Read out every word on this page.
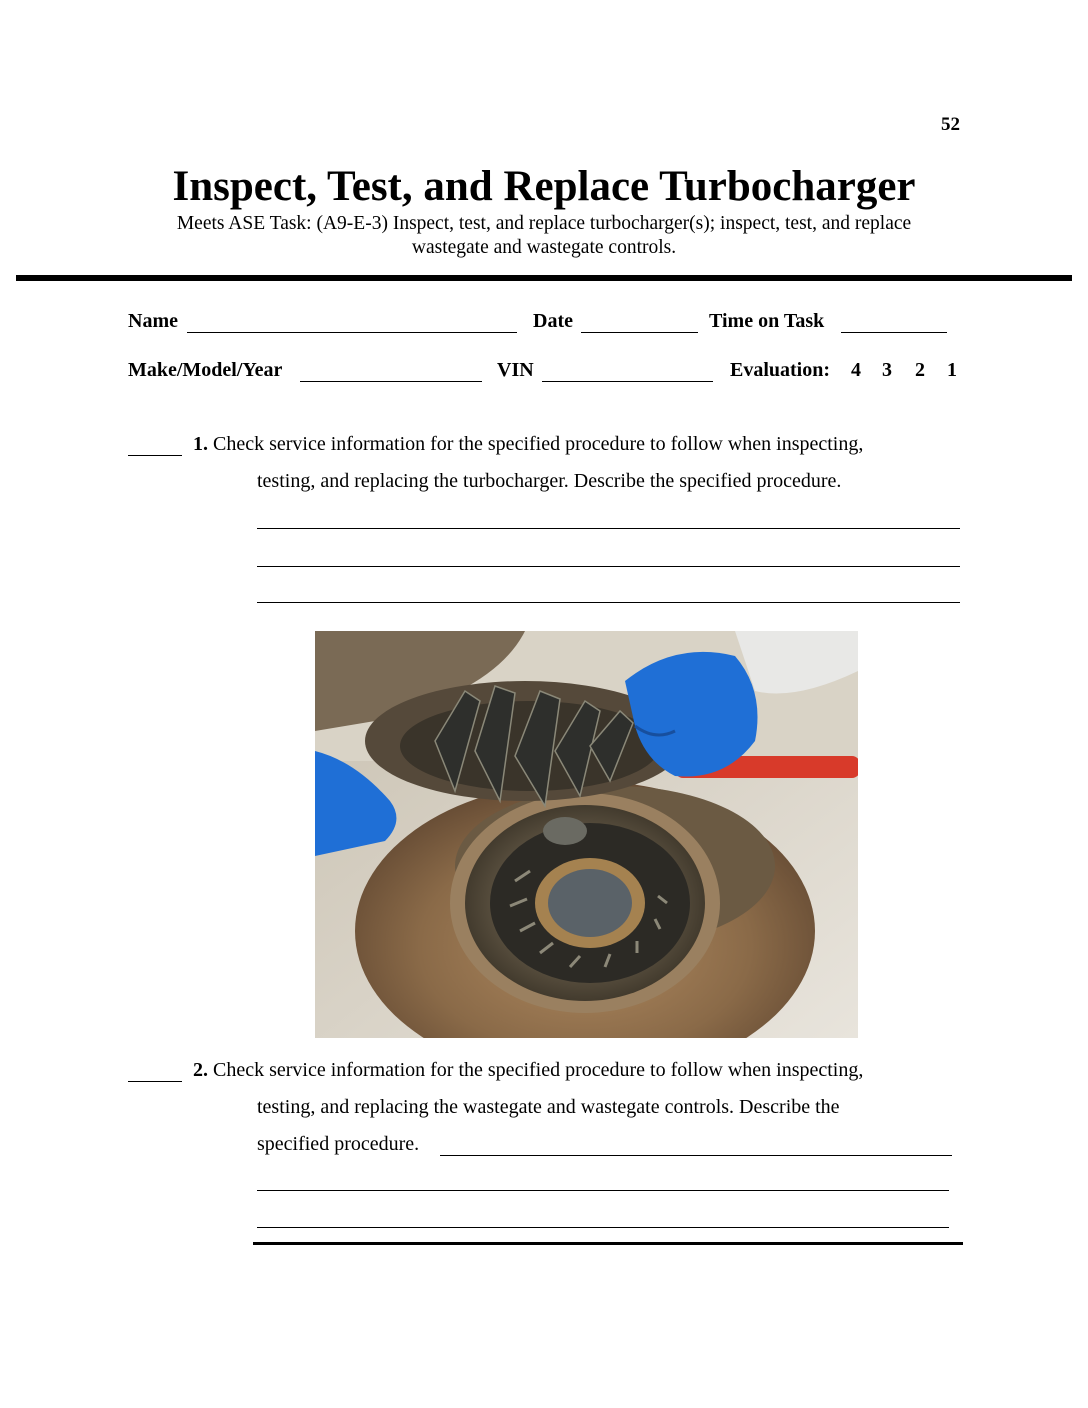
52
Inspect, Test, and Replace Turbocharger
Meets ASE Task: (A9-E-3) Inspect, test, and replace turbocharger(s); inspect, test, and replace
wastegate and wastegate controls.
Name	Date	Time on Task
Make/Model/Year	VIN	Evaluation: 4 3 2 1
1. Check service information for the specified procedure to follow when inspecting,
testing, and replacing the turbocharger. Describe the specified procedure.
2. Check service information for the specified procedure to follow when inspecting,
testing, and replacing the wastegate and wastegate controls. Describe the
specified procedure.
